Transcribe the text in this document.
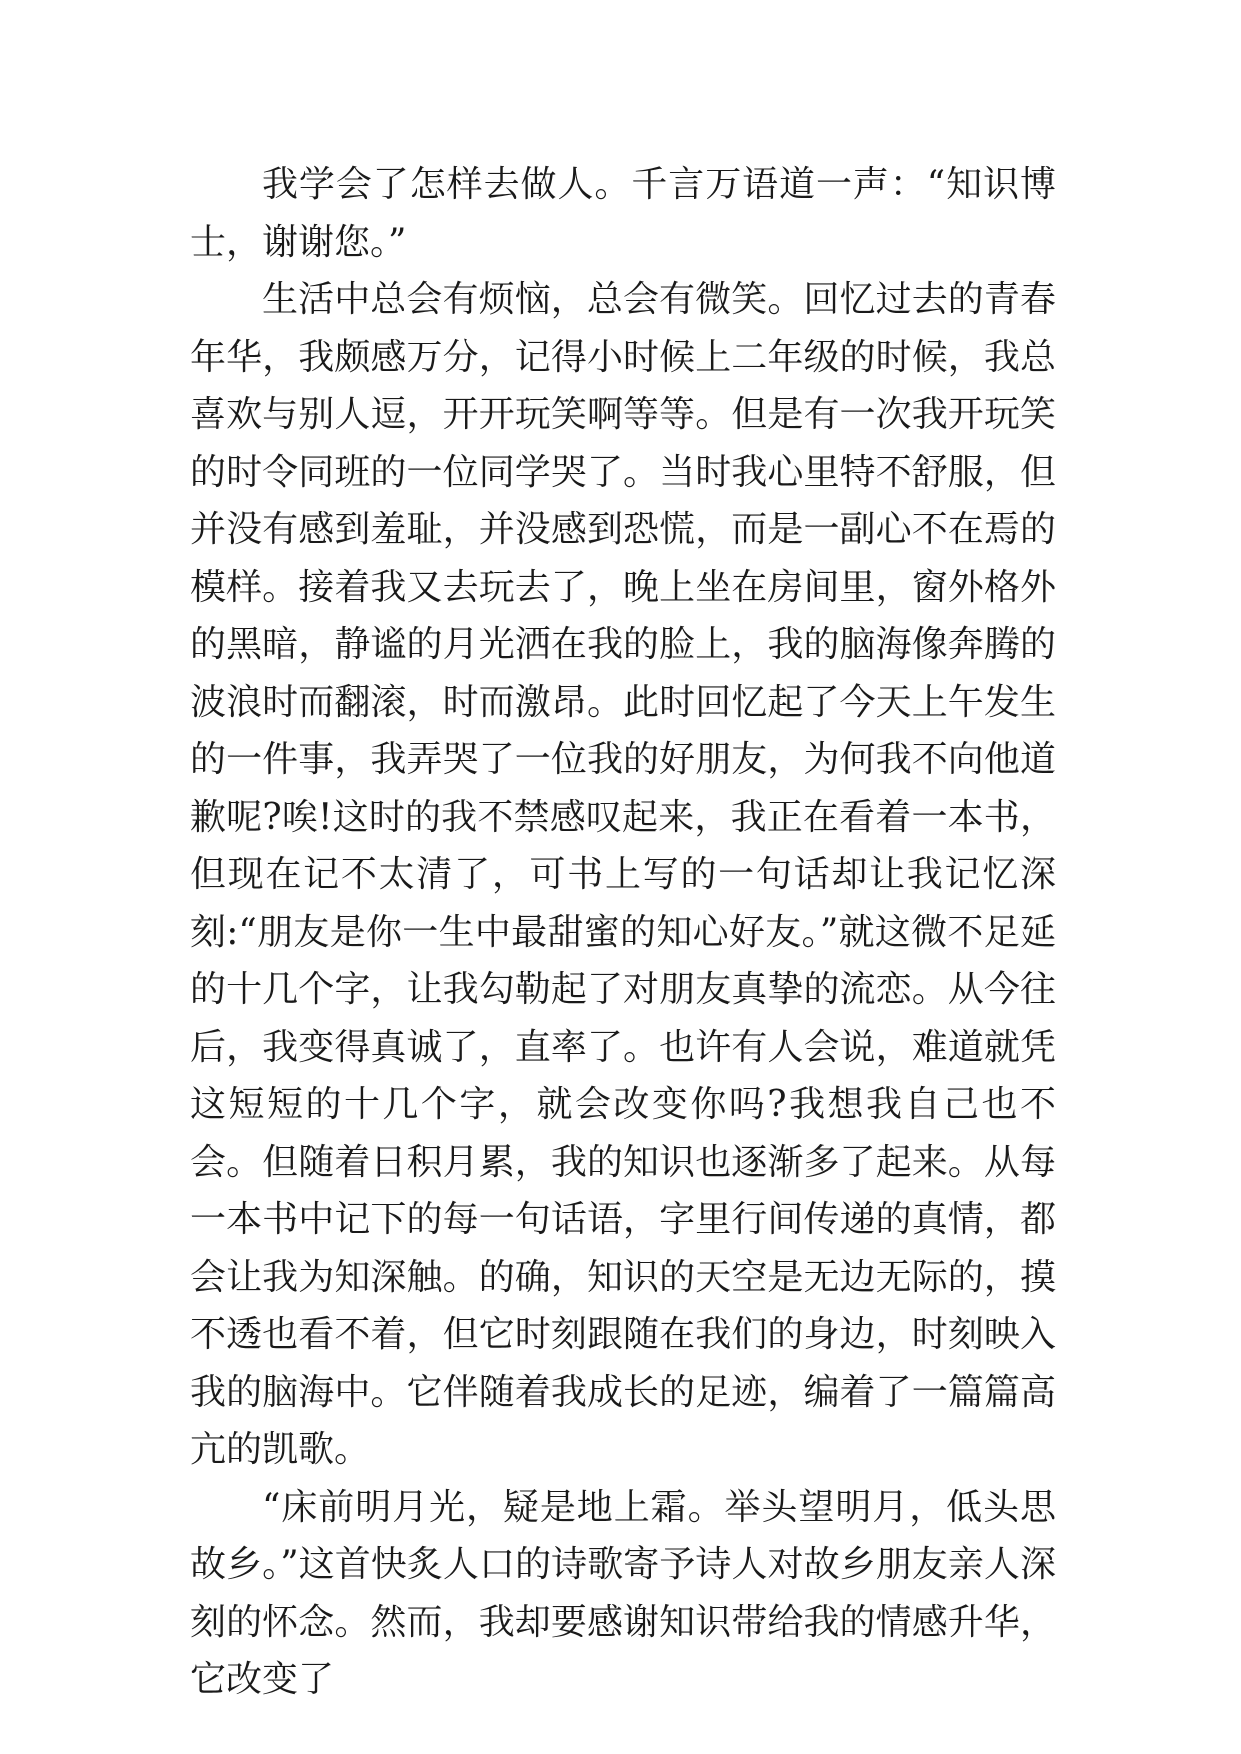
我学会了怎样去做人。千言万语道一声：“知识博士，谢谢您。”

生活中总会有烦恼，总会有微笑。回忆过去的青春年华，我颇感万分，记得小时候上二年级的时候，我总喜欢与别人逗，开开玩笑啊等等。但是有一次我开玩笑的时令同班的一位同学哭了。当时我心里特不舒服，但并没有感到羞耻，并没感到恐慌，而是一副心不在焉的模样。接着我又去玩去了，晚上坐在房间里，窗外格外的黑暗，静谧的月光洒在我的脸上，我的脑海像奔腾的波浪时而翻滚，时而激昂。此时回忆起了今天上午发生的一件事，我弄哭了一位我的好朋友，为何我不向他道歉呢?唉!这时的我不禁感叹起来，我正在看着一本书，但现在记不太清了，可书上写的一句话却让我记忆深刻:“朋友是你一生中最甜蜜的知心好友。”就这微不足延的十几个字，让我勾勒起了对朋友真挚的流恋。从今往后，我变得真诚了，直率了。也许有人会说，难道就凭这短短的十几个字，就会改变你吗?我想我自己也不会。但随着日积月累，我的知识也逐渐多了起来。从每一本书中记下的每一句话语，字里行间传递的真情，都会让我为知深触。的确，知识的天空是无边无际的，摸不透也看不着，但它时刻跟随在我们的身边，时刻映入我的脑海中。它伴随着我成长的足迹，编着了一篇篇高亢的凯歌。

“床前明月光，疑是地上霜。举头望明月，低头思故乡。”这首快炙人口的诗歌寄予诗人对故乡朋友亲人深刻的怀念。然而，我却要感谢知识带给我的情感升华，它改变了
